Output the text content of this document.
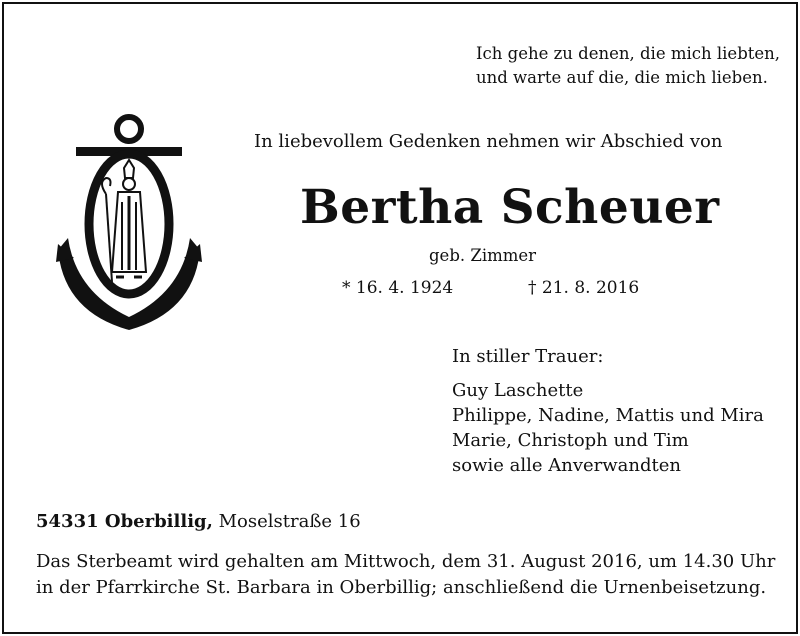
Ich gehe zu denen, die mich liebten,
und warte auf die, die mich lieben.
In liebevollem Gedenken nehmen wir Abschied von
Bertha Scheuer
geb. Zimmer
* 16. 4. 1924	† 21. 8. 2016
In stiller Trauer:
Guy Laschette
Philippe, Nadine, Mattis und Mira
Marie, Christoph und Tim
sowie alle Anverwandten
54331 Oberbillig, Moselstraße 16
Das Sterbeamt wird gehalten am Mittwoch, dem 31. August 2016, um 14.30 Uhr
in der Pfarrkirche St. Barbara in Oberbillig; anschließend die Urnenbeisetzung.
